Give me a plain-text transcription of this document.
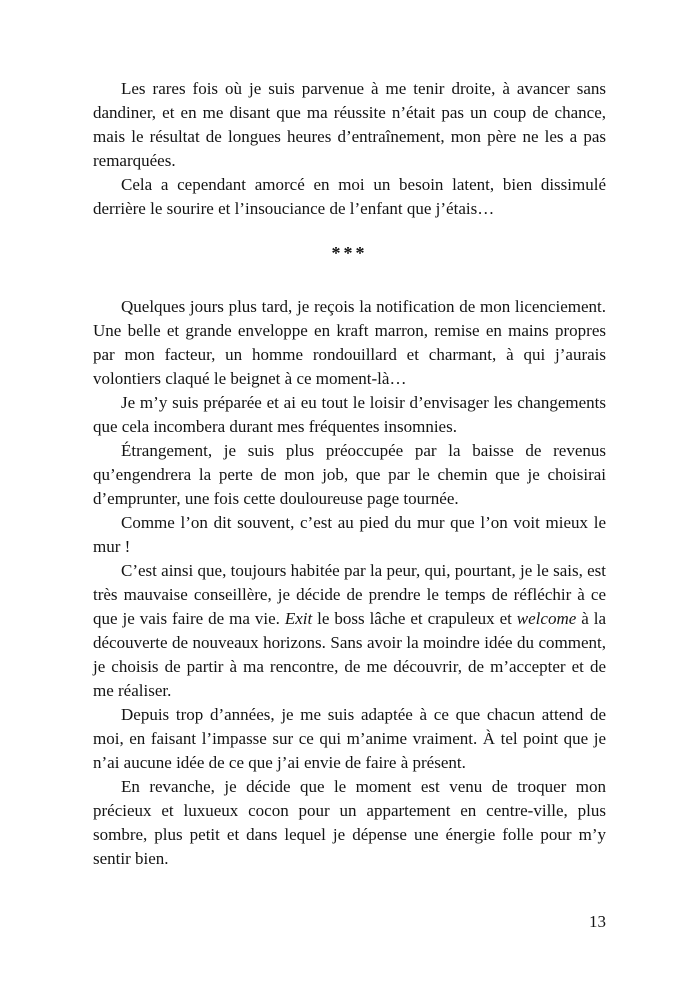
Les rares fois où je suis parvenue à me tenir droite, à avancer sans dandiner, et en me disant que ma réussite n’était pas un coup de chance, mais le résultat de longues heures d’entraînement, mon père ne les a pas remarquées.

Cela a cependant amorcé en moi un besoin latent, bien dissimulé derrière le sourire et l’insouciance de l’enfant que j’étais…

***

Quelques jours plus tard, je reçois la notification de mon licenciement. Une belle et grande enveloppe en kraft marron, remise en mains propres par mon facteur, un homme rondouillard et charmant, à qui j’aurais volontiers claqué le beignet à ce moment-là…

Je m’y suis préparée et ai eu tout le loisir d’envisager les changements que cela incombera durant mes fréquentes insomnies.

Étrangement, je suis plus préoccupée par la baisse de revenus qu’engendrera la perte de mon job, que par le chemin que je choisirai d’emprunter, une fois cette douloureuse page tournée.

Comme l’on dit souvent, c’est au pied du mur que l’on voit mieux le mur !

C’est ainsi que, toujours habitée par la peur, qui, pourtant, je le sais, est très mauvaise conseillère, je décide de prendre le temps de réfléchir à ce que je vais faire de ma vie. Exit le boss lâche et crapuleux et welcome à la découverte de nouveaux horizons. Sans avoir la moindre idée du comment, je choisis de partir à ma rencontre, de me découvrir, de m’accepter et de me réaliser.

Depuis trop d’années, je me suis adaptée à ce que chacun attend de moi, en faisant l’impasse sur ce qui m’anime vraiment. À tel point que je n’ai aucune idée de ce que j’ai envie de faire à présent.

En revanche, je décide que le moment est venu de troquer mon précieux et luxueux cocon pour un appartement en centre-ville, plus sombre, plus petit et dans lequel je dépense une énergie folle pour m’y sentir bien.

13
